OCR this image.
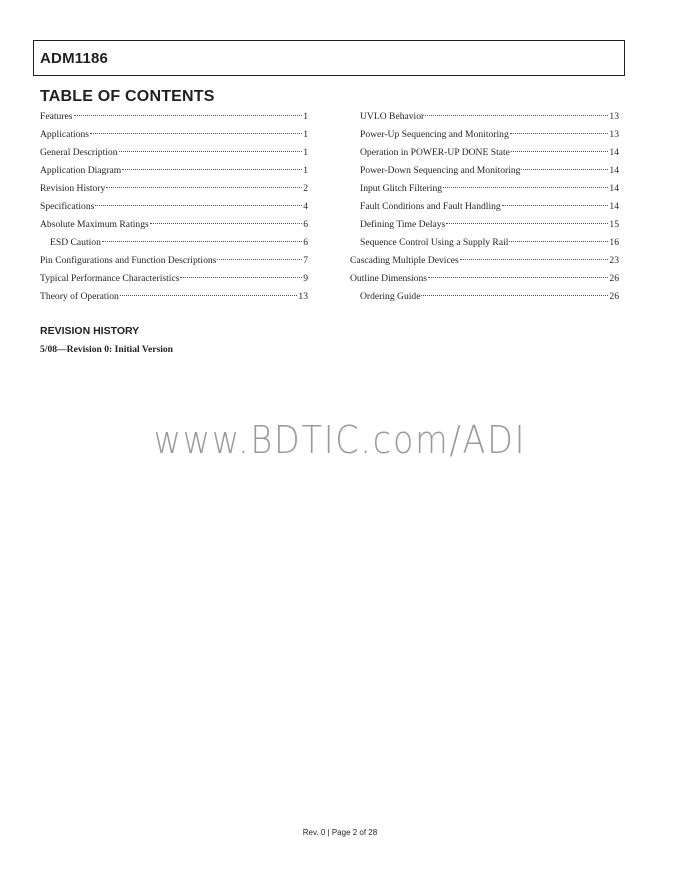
ADM1186
TABLE OF CONTENTS
Features	1
Applications	1
General Description	1
Application Diagram	1
Revision History	2
Specifications	4
Absolute Maximum Ratings	6
ESD Caution	6
Pin Configurations and Function Descriptions	7
Typical Performance Characteristics	9
Theory of Operation	13
UVLO Behavior	13
Power-Up Sequencing and Monitoring	13
Operation in POWER-UP DONE State	14
Power-Down Sequencing and Monitoring	14
Input Glitch Filtering	14
Fault Conditions and Fault Handling	14
Defining Time Delays	15
Sequence Control Using a Supply Rail	16
Cascading Multiple Devices	23
Outline Dimensions	26
Ordering Guide	26
REVISION HISTORY
5/08—Revision 0: Initial Version
www.BDTIC.com/ADI
Rev. 0 | Page 2 of 28
